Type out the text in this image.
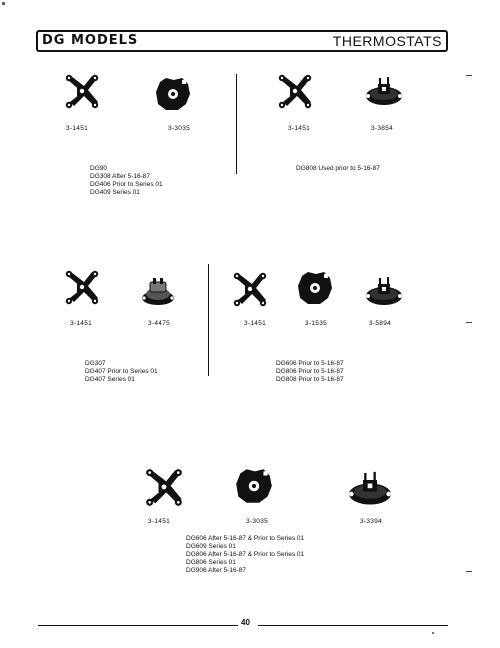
DG MODELS	THERMOSTATS
3-1451	3-3035
DG90
DG308 After 5-16-87
DG406 Prior to Series 01
DG409 Series 01
3-1451	3-3854
DG808 Used prior to 5-16-87
3-1451	3-4475
DG307
DG407 Prior to Series 01
DG407 Series 01
3-1451	3-1535	3-5894
DG606 Prior to 5-16-87
DG806 Prior to 5-16-87
DG808 Prior to 5-16-87
3-1451	3-3035	3-3394
DG606 After 5-16-87 & Prior to Series 01
DG609 Series 01
DG806 After 5-16-87 & Prior to Series 01
DG806 Series 01
DG906 After 5-16-87
40
